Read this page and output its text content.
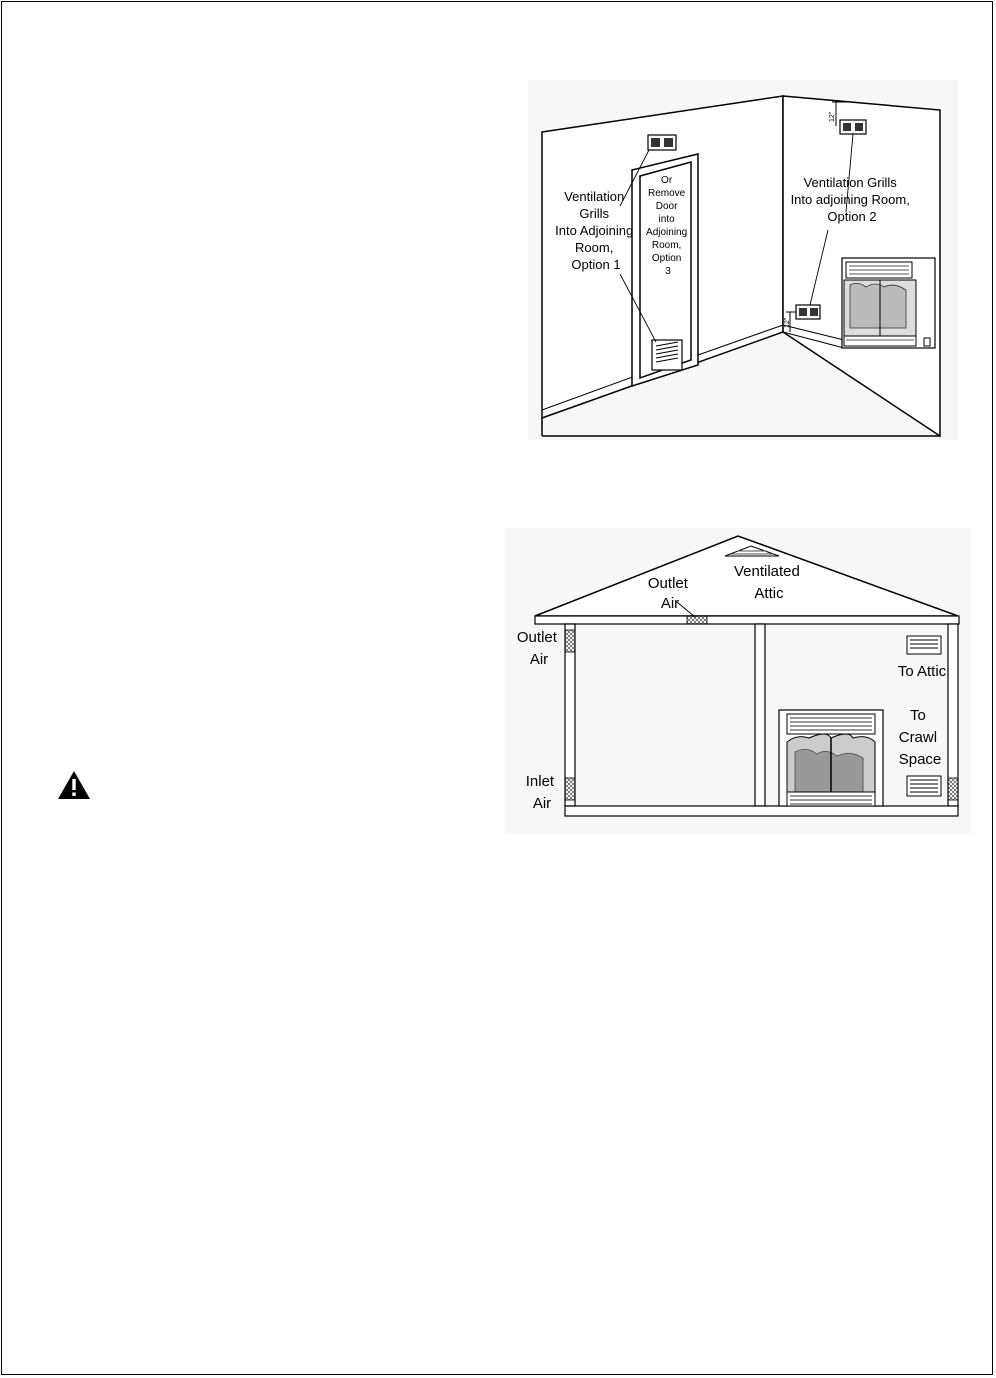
12"
12"
Ventilation Grills Into Adjoining Room, Option 1
Or Remove Door into Adjoining Room, Option 3
Ventilation Grills Into adjoining Room, Option 2
Outlet Air
Ventilated Attic
Outlet Air
To Attic
To Crawl Space
Inlet Air
